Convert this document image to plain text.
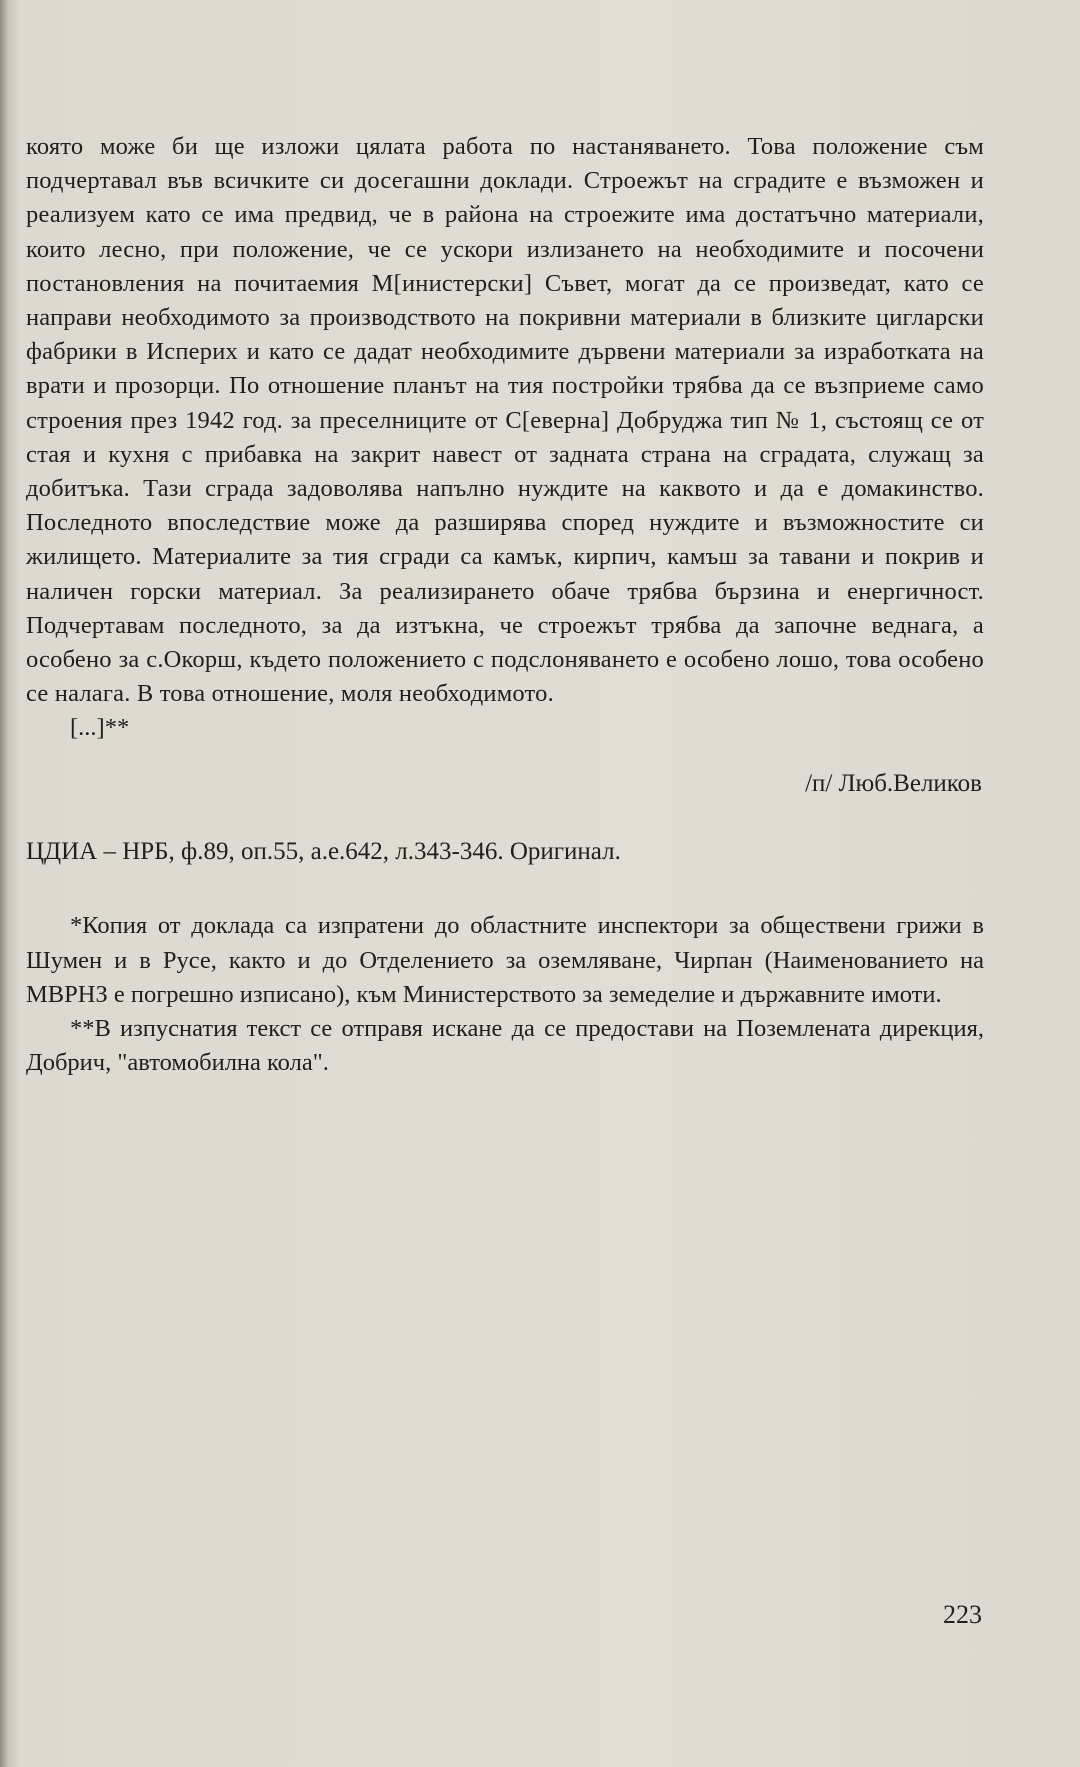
която може би ще изложи цялата работа по настаняването. Това положение съм подчертавал във всичките си досегашни доклади. Строежът на сградите е възможен и реализуем като се има предвид, че в района на строежите има достатъчно материали, които лесно, при положение, че се ускори излизането на необходимите и посочени постановления на почитаемия М[инистерски] Съвет, могат да се произведат, като се направи необходимото за производството на покривни материали в близките цигларски фабрики в Исперих и като се дадат необходимите дървени материали за изработката на врати и прозорци. По отношение планът на тия постройки трябва да се възприеме само строения през 1942 год. за преселниците от С[еверна] Добруджа тип № 1, състоящ се от стая и кухня с прибавка на закрит навест от задната страна на сградата, служащ за добитъка. Тази сграда задоволява напълно нуждите на каквото и да е домакинство. Последното впоследствие може да разширява според нуждите и възможностите си жилището. Материалите за тия сгради са камък, кирпич, камъш за тавани и покрив и наличен горски материал. За реализирането обаче трябва бързина и енергичност. Подчертавам последното, за да изтъкна, че строежът трябва да започне веднага, а особено за с.Окорш, където положението с подслоняването е особено лошо, това особено се налага. В това отношение, моля необходимото.

[...]**

/п/ Люб.Великов
ЦДИА – НРБ, ф.89, оп.55, а.е.642, л.343-346. Оригинал.

*Копия от доклада са изпратени до областните инспектори за обществени грижи в Шумен и в Русе, както и до Отделението за оземляване, Чирпан (Наименованието на МВРНЗ е погрешно изписано), към Министерството за земеделие и държавните имоти.

**В изпуснатия текст се отправя искане да се предостави на Поземлената дирекция, Добрич, "автомобилна кола".

223
